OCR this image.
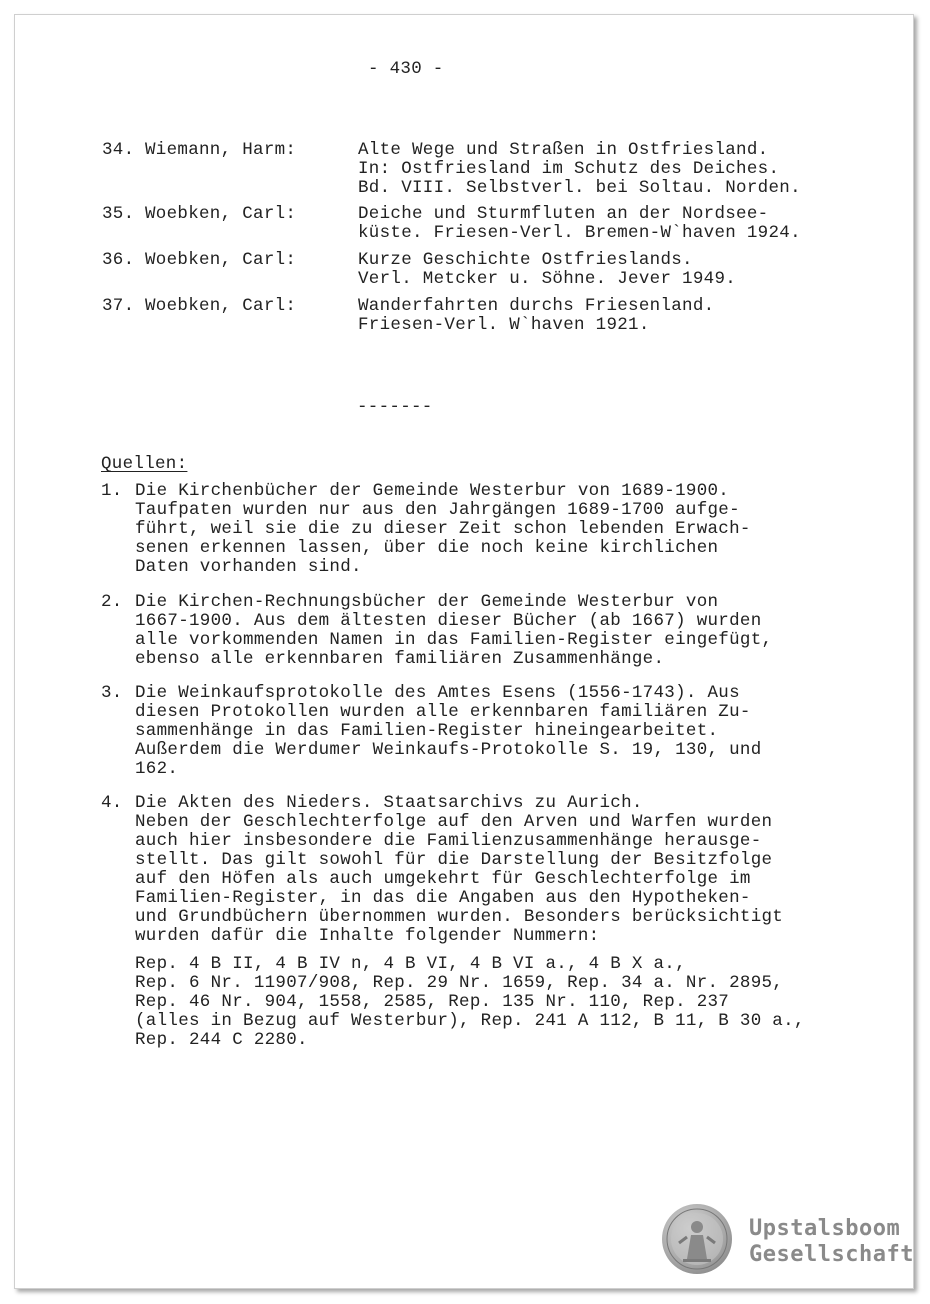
- 430 -
34. Wiemann, Harm:	Alte Wege und Straßen in Ostfriesland.
In: Ostfriesland im Schutz des Deiches.
Bd. VIII. Selbstverl. bei Soltau. Norden.
35. Woebken, Carl:	Deiche und Sturmfluten an der Nordsee-
küste. Friesen-Verl. Bremen-W`haven 1924.
36. Woebken, Carl:	Kurze Geschichte Ostfrieslands.
Verl. Metcker u. Söhne. Jever 1949.
37. Woebken, Carl:	Wanderfahrten durchs Friesenland.
Friesen-Verl. W`haven 1921.
-------
Quellen:
1. Die Kirchenbücher der Gemeinde Westerbur von 1689-1900.
Taufpaten wurden nur aus den Jahrgängen 1689-1700 aufge-
führt, weil sie die zu dieser Zeit schon lebenden Erwach-
senen erkennen lassen, über die noch keine kirchlichen
Daten vorhanden sind.
2. Die Kirchen-Rechnungsbücher der Gemeinde Westerbur von
1667-1900. Aus dem ältesten dieser Bücher (ab 1667) wurden
alle vorkommenden Namen in das Familien-Register eingefügt,
ebenso alle erkennbaren familiären Zusammenhänge.
3. Die Weinkaufsprotokolle des Amtes Esens (1556-1743). Aus
diesen Protokollen wurden alle erkennbaren familiären Zu-
sammenhänge in das Familien-Register hineingearbeitet.
Außerdem die Werdumer Weinkaufs-Protokolle S. 19, 130, und
162.
4. Die Akten des Nieders. Staatsarchivs zu Aurich.
Neben der Geschlechterfolge auf den Arven und Warfen wurden
auch hier insbesondere die Familienzusammenhänge herausge-
stellt. Das gilt sowohl für die Darstellung der Besitzfolge
auf den Höfen als auch umgekehrt für Geschlechterfolge im
Familien-Register, in das die Angaben aus den Hypotheken-
und Grundbüchern übernommen wurden. Besonders berücksichtigt
wurden dafür die Inhalte folgender Nummern:
Rep. 4 B II, 4 B IV n, 4 B VI, 4 B VI a., 4 B X a.,
Rep. 6 Nr. 11907/908, Rep. 29 Nr. 1659, Rep. 34 a. Nr. 2895,
Rep. 46 Nr. 904, 1558, 2585, Rep. 135 Nr. 110, Rep. 237
(alles in Bezug auf Westerbur), Rep. 241 A 112, B 11, B 30 a.,
Rep. 244 C 2280.
Upstalsboom
Gesellschaft
